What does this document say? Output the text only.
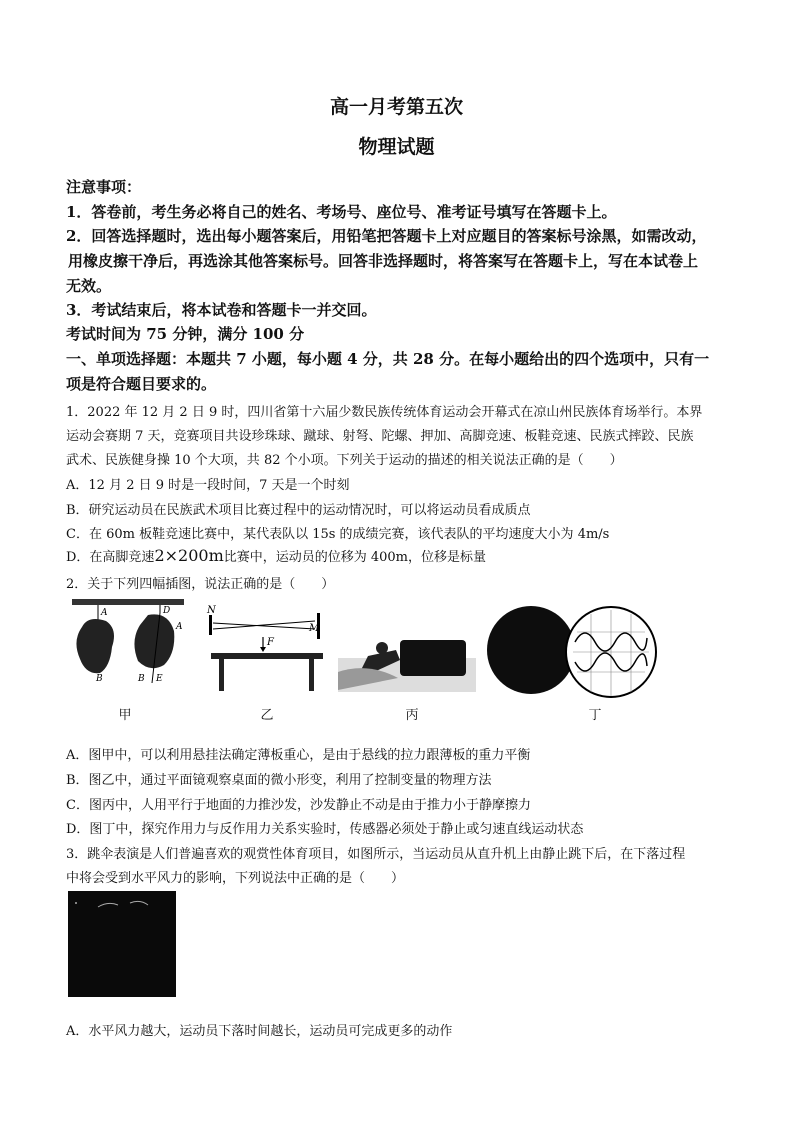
高一月考第五次
物理试题
注意事项：
1．答卷前，考生务必将自己的姓名、考场号、座位号、准考证号填写在答题卡上。
2．回答选择题时，选出每小题答案后，用铅笔把答题卡上对应题目的答案标号涂黑，如需改动，
用橡皮擦干净后，再选涂其他答案标号。回答非选择题时，将答案写在答题卡上，写在本试卷上
无效。
3．考试结束后，将本试卷和答题卡一并交回。
考试时间为 75 分钟，满分 100 分
一、单项选择题：本题共 7 小题，每小题 4 分，共 28 分。在每小题给出的四个选项中，只有一
项是符合题目要求的。
1．2022 年 12 月 2 日 9 时，四川省第十六届少数民族传统体育运动会开幕式在凉山州民族体育场举行。本界
运动会赛期 7 天，竞赛项目共设珍珠球、蹴球、射弩、陀螺、押加、高脚竞速、板鞋竞速、民族式摔跤、民族
武术、民族健身操 10 个大项，共 82 个小项。下列关于运动的描述的相关说法正确的是（　　）
A．12 月 2 日 9 时是一段时间，7 天是一个时刻
B．研究运动员在民族武术项目比赛过程中的运动情况时，可以将运动员看成质点
C．在 60m 板鞋竞速比赛中，某代表队以 15s 的成绩完赛，该代表队的平均速度大小为 4m/s
D．在高脚竞速2×200m比赛中，运动员的位移为 400m，位移是标量
2．关于下列四幅插图，说法正确的是（　　）
A
B
D
A
B E
N
F
M
甲	乙	丙	丁
A．图甲中，可以利用悬挂法确定薄板重心，是由于悬线的拉力跟薄板的重力平衡
B．图乙中，通过平面镜观察桌面的微小形变，利用了控制变量的物理方法
C．图丙中，人用平行于地面的力推沙发，沙发静止不动是由于推力小于静摩擦力
D．图丁中，探究作用力与反作用力关系实验时，传感器必须处于静止或匀速直线运动状态
3．跳伞表演是人们普遍喜欢的观赏性体育项目，如图所示，当运动员从直升机上由静止跳下后，在下落过程
中将会受到水平风力的影响，下列说法中正确的是（　　）
A．水平风力越大，运动员下落时间越长，运动员可完成更多的动作
